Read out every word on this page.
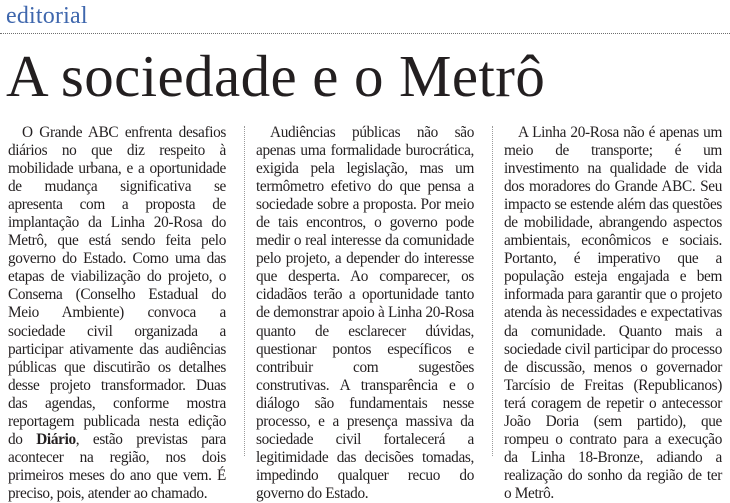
editorial
A sociedade e o Metrô

O Grande ABC enfrenta desafios diários no que diz respeito à mobilidade urbana, e a oportunidade de mudança significativa se apresenta com a proposta de implantação da Linha 20-Rosa do Metrô, que está sendo feita pelo governo do Estado. Como uma das etapas de viabilização do projeto, o Consema (Conselho Estadual do Meio Ambiente) convoca a sociedade civil organizada a participar ativamente das audiências públicas que discutirão os detalhes desse projeto transformador. Duas das agendas, conforme mostra reportagem publicada nesta edição do Diário, estão previstas para acontecer na região, nos dois primeiros meses do ano que vem. É preciso, pois, atender ao chamado.

Audiências públicas não são apenas uma formalidade burocrática, exigida pela legislação, mas um termômetro efetivo do que pensa a sociedade sobre a proposta. Por meio de tais encontros, o governo pode medir o real interesse da comunidade pelo projeto, a depender do interesse que desperta. Ao comparecer, os cidadãos terão a oportunidade tanto de demonstrar apoio à Linha 20-Rosa quanto de esclarecer dúvidas, questionar pontos específicos e contribuir com sugestões construtivas. A transparência e o diálogo são fundamentais nesse processo, e a presença massiva da sociedade civil fortalecerá a legitimidade das decisões tomadas, impedindo qualquer recuo do governo do Estado.

A Linha 20-Rosa não é apenas um meio de transporte; é um investimento na qualidade de vida dos moradores do Grande ABC. Seu impacto se estende além das questões de mobilidade, abrangendo aspectos ambientais, econômicos e sociais. Portanto, é imperativo que a população esteja engajada e bem informada para garantir que o projeto atenda às necessidades e expectativas da comunidade. Quanto mais a sociedade civil participar do processo de discussão, menos o governador Tarcísio de Freitas (Republicanos) terá coragem de repetir o antecessor João Doria (sem partido), que rompeu o contrato para a execução da Linha 18-Bronze, adiando a realização do sonho da região de ter o Metrô.
